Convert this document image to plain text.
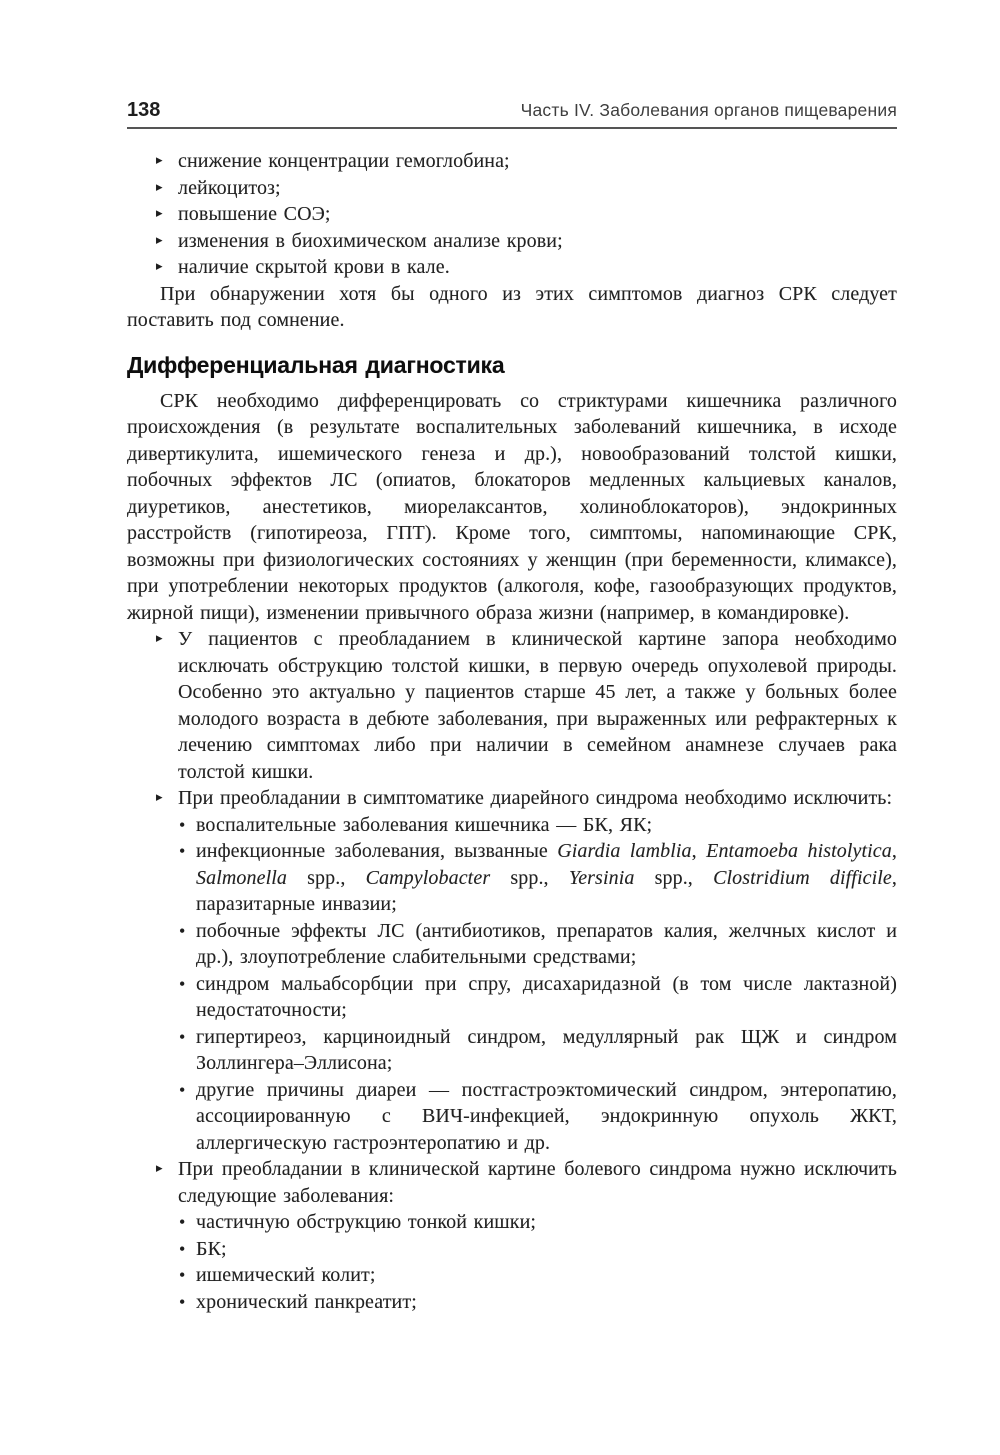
138	Часть IV. Заболевания органов пищеварения
▸ снижение концентрации гемоглобина;
▸ лейкоцитоз;
▸ повышение СОЭ;
▸ изменения в биохимическом анализе крови;
▸ наличие скрытой крови в кале.

При обнаружении хотя бы одного из этих симптомов диагноз СРК следует поставить под сомнение.

Дифференциальная диагностика

СРК необходимо дифференцировать со стриктурами кишечника различного происхождения (в результате воспалительных заболеваний кишечника, в исходе дивертикулита, ишемического генеза и др.), новообразований толстой кишки, побочных эффектов ЛС (опиатов, блокаторов медленных кальциевых каналов, диуретиков, анестетиков, миорелаксантов, холиноблокаторов), эндокринных расстройств (гипотиреоза, ГПТ). Кроме того, симптомы, напоминающие СРК, возможны при физиологических состояниях у женщин (при беременности, климаксе), при употреблении некоторых продуктов (алкоголя, кофе, газообразующих продуктов, жирной пищи), изменении привычного образа жизни (например, в командировке).

▸ У пациентов с преобладанием в клинической картине запора необходимо исключать обструкцию толстой кишки, в первую очередь опухолевой природы. Особенно это актуально у пациентов старше 45 лет, а также у больных более молодого возраста в дебюте заболевания, при выраженных или рефрактерных к лечению симптомах либо при наличии в семейном анамнезе случаев рака толстой кишки.
▸ При преобладании в симптоматике диарейного синдрома необходимо исключить:
• воспалительные заболевания кишечника — БК, ЯК;
• инфекционные заболевания, вызванные Giardia lamblia, Entamoeba histolytica, Salmonella spp., Campylobacter spp., Yersinia spp., Clostridium difficile, паразитарные инвазии;
• побочные эффекты ЛС (антибиотиков, препаратов калия, желчных кислот и др.), злоупотребление слабительными средствами;
• синдром мальабсорбции при спру, дисахаридазной (в том числе лактазной) недостаточности;
• гипертиреоз, карциноидный синдром, медуллярный рак ЩЖ и синдром Золлингера–Эллисона;
• другие причины диареи — постгастроэктомический синдром, энтеропатию, ассоциированную с ВИЧ-инфекцией, эндокринную опухоль ЖКТ, аллергическую гастроэнтеропатию и др.
▸ При преобладании в клинической картине болевого синдрома нужно исключить следующие заболевания:
• частичную обструкцию тонкой кишки;
• БК;
• ишемический колит;
• хронический панкреатит;
